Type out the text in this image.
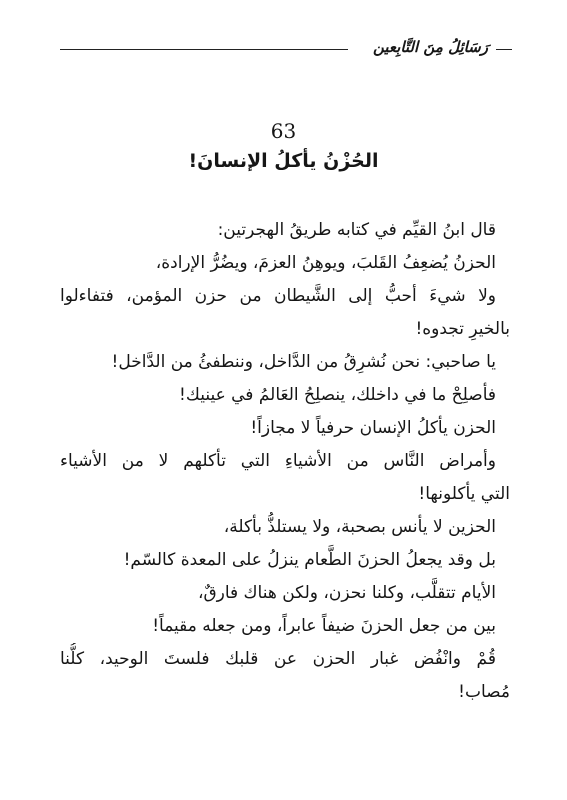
رَسَائِلُ مِنَ التَّابِعين
63
الحُزْنُ يأكلُ الإنسانَ!
قال ابنُ القيِّم في كتابه طريقُ الهجرتين:
الحزنُ يُضعِفُ القَلبَ، ويوهِنُ العزمَ، ويضُرُّ الإرادة،
ولا شيءَ أحبُّ إلى الشَّيطان من حزن المؤمن، فتفاءلوا
بالخيرِ تجدوه!
يا صاحبي: نحن نُشرِقُ من الدَّاخل، وننطفئُ من الدَّاخل!
فأصلِحْ ما في داخلك، ينصلِحُ العَالمُ في عينيك!
الحزن يأكلُ الإنسان حرفياً لا مجازاً!
وأمراض النَّاس من الأشياءِ التي تأكلهم لا من الأشياء
التي يأكلونها!
الحزين لا يأنس بصحبة، ولا يستلذُّ بأكلة،
بل وقد يجعلُ الحزنَ الطَّعام ينزلُ على المعدة كالسّم!
الأيام تتقلَّب، وكلنا نحزن، ولكن هناك فارقٌ،
بين من جعل الحزنَ ضيفاً عابراً، ومن جعله مقيماً!
قُمْ وانْفُض غبار الحزن عن قلبك فلستَ الوحيد، كلُّنا
مُصاب!
